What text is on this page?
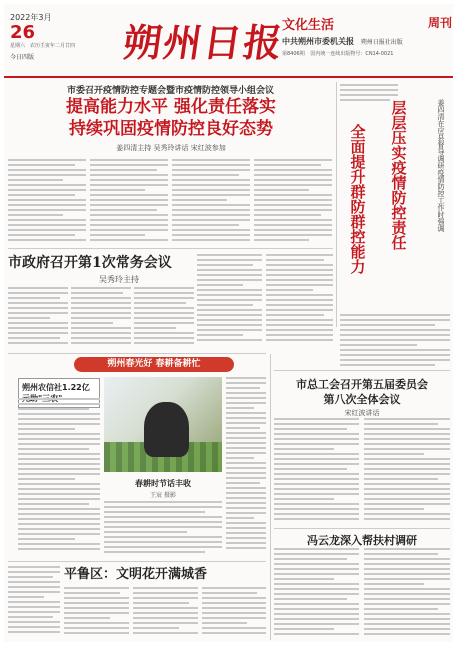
2022年3月
26
星期六　农历壬寅年二月廿四
今日四版	朔州日报
文化生活	周刊
中共朔州市委机关报 朔州日报社出版
第8406期 国内统一连续出版物号：CN14-0021
市委召开疫情防控专题会暨市疫情防控领导小组会议
提高能力水平 强化责任落实
持续巩固疫情防控良好态势
姜四清主持 吴秀玲讲话 宋红波参加	姜四清在应县督导调研疫情防控工作时强调
层层压实疫情防控责任
全面提升群防群控能力
市政府召开第1次常务会议
吴秀玲主持
朔州春光好 春耕备耕忙
朔州农信社1.22亿
春耕时节话丰收
王宸 摄影
市总工会召开第五届委员会
第八次全体会议
宋红波讲话
冯云龙深入帮扶村调研
平鲁区：文明花开满城香
